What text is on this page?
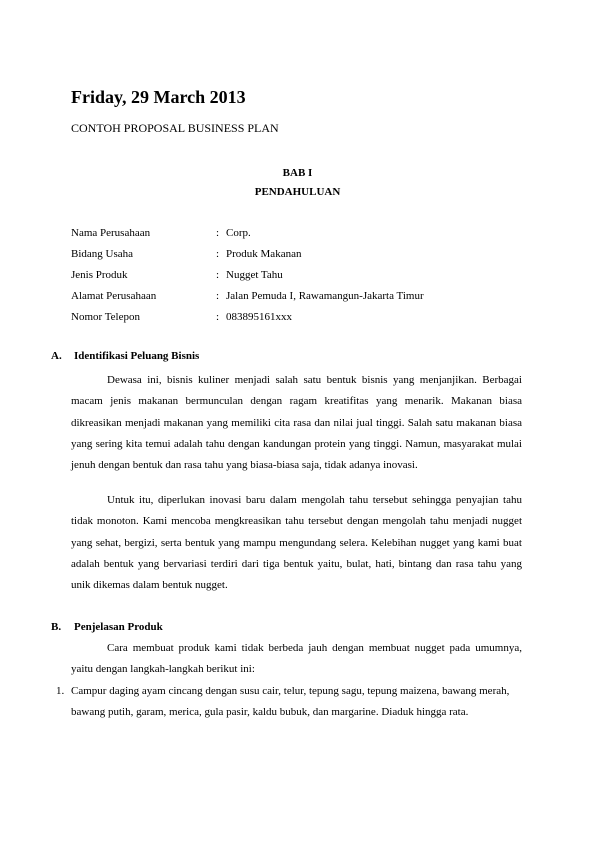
Friday, 29 March 2013

CONTOH PROPOSAL BUSINESS PLAN

BAB I

PENDAHULUAN

Nama Perusahaan	: Corp.
Bidang Usaha	: Produk Makanan
Jenis Produk	: Nugget Tahu
Alamat Perusahaan	: Jalan Pemuda I, Rawamangun-Jakarta Timur
Nomor Telepon	: 083895161xxx
A. Identifikasi Peluang Bisnis

Dewasa ini, bisnis kuliner menjadi salah satu bentuk bisnis yang menjanjikan. Berbagai macam jenis makanan bermunculan dengan ragam kreatifitas yang menarik. Makanan biasa dikreasikan menjadi makanan yang memiliki cita rasa dan nilai jual tinggi. Salah satu makanan biasa yang sering kita temui adalah tahu dengan kandungan protein yang tinggi. Namun, masyarakat mulai jenuh dengan bentuk dan rasa tahu yang biasa-biasa saja, tidak adanya inovasi.

Untuk itu, diperlukan inovasi baru dalam mengolah tahu tersebut sehingga penyajian tahu tidak monoton. Kami mencoba mengkreasikan tahu tersebut dengan mengolah tahu menjadi nugget yang sehat, bergizi, serta bentuk yang mampu mengundang selera. Kelebihan nugget yang kami buat adalah bentuk yang bervariasi terdiri dari tiga bentuk yaitu, bulat, hati, bintang dan rasa tahu yang unik dikemas dalam bentuk nugget.

B. Penjelasan Produk

Cara membuat produk kami tidak berbeda jauh dengan membuat nugget pada umumnya, yaitu dengan langkah-langkah berikut ini:

1. Campur daging ayam cincang dengan susu cair, telur, tepung sagu, tepung maizena, bawang merah, bawang putih, garam, merica, gula pasir, kaldu bubuk, dan margarine. Diaduk hingga rata.
